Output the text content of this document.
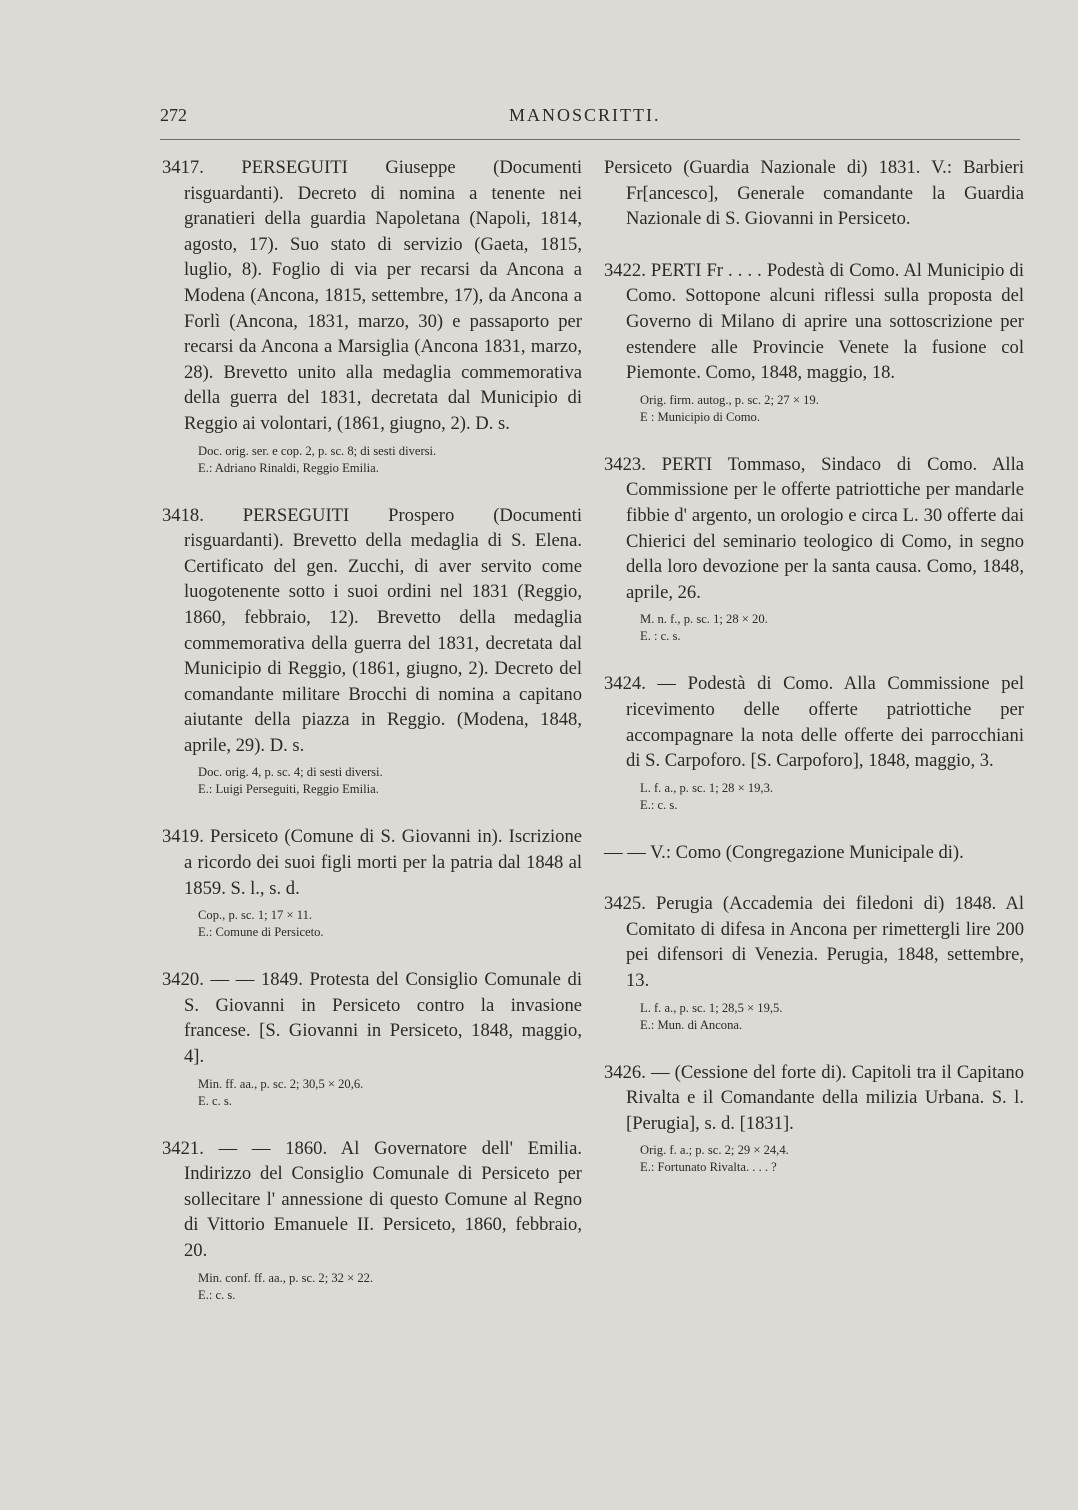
272	MANOSCRITTI.
3417. PERSEGUITI Giuseppe (Documenti risguardanti). Decreto di nomina a tenente nei granatieri della guardia Napoletana (Napoli, 1814, agosto, 17). Suo stato di servizio (Gaeta, 1815, luglio, 8). Foglio di via per recarsi da Ancona a Modena (Ancona, 1815, settembre, 17), da Ancona a Forlì (Ancona, 1831, marzo, 30) e passaporto per recarsi da Ancona a Marsiglia (Ancona 1831, marzo, 28). Brevetto unito alla medaglia commemorativa della guerra del 1831, decretata dal Municipio di Reggio ai volontari, (1861, giugno, 2). D. s.
Doc. orig. ser. e cop. 2, p. sc. 8; di sesti diversi.
E.: Adriano Rinaldi, Reggio Emilia.
3418. PERSEGUITI Prospero (Documenti risguardanti). Brevetto della medaglia di S. Elena. Certificato del gen. Zucchi, di aver servito come luogotenente sotto i suoi ordini nel 1831 (Reggio, 1860, febbraio, 12). Brevetto della medaglia commemorativa della guerra del 1831, decretata dal Municipio di Reggio, (1861, giugno, 2). Decreto del comandante militare Brocchi di nomina a capitano aiutante della piazza in Reggio. (Modena, 1848, aprile, 29). D. s.
Doc. orig. 4, p. sc. 4; di sesti diversi.
E.: Luigi Perseguiti, Reggio Emilia.
3419. Persiceto (Comune di S. Giovanni in). Iscrizione a ricordo dei suoi figli morti per la patria dal 1848 al 1859. S. l., s. d.
Cop., p. sc. 1; 17 × 11.
E.: Comune di Persiceto.
3420. — — 1849. Protesta del Consiglio Comunale di S. Giovanni in Persiceto contro la invasione francese. [S. Giovanni in Persiceto, 1848, maggio, 4].
Min. ff. aa., p. sc. 2; 30,5 × 20,6.
E. c. s.
3421. — — 1860. Al Governatore dell' Emilia. Indirizzo del Consiglio Comunale di Persiceto per sollecitare l' annessione di questo Comune al Regno di Vittorio Emanuele II. Persiceto, 1860, febbraio, 20.
Min. conf. ff. aa., p. sc. 2; 32 × 22.
E.: c. s.
Persiceto (Guardia Nazionale di) 1831. V.: Barbieri Fr[ancesco], Generale comandante la Guardia Nazionale di S. Giovanni in Persiceto.
3422. PERTI Fr . . . . Podestà di Como. Al Municipio di Como. Sottopone alcuni riflessi sulla proposta del Governo di Milano di aprire una sottoscrizione per estendere alle Provincie Venete la fusione col Piemonte. Como, 1848, maggio, 18.
Orig. firm. autog., p. sc. 2; 27 × 19.
E : Municipio di Como.
3423. PERTI Tommaso, Sindaco di Como. Alla Commissione per le offerte patriottiche per mandarle fibbie d' argento, un orologio e circa L. 30 offerte dai Chierici del seminario teologico di Como, in segno della loro devozione per la santa causa. Como, 1848, aprile, 26.
M. n. f., p. sc. 1; 28 × 20.
E. : c. s.
3424. — Podestà di Como. Alla Commissione pel ricevimento delle offerte patriottiche per accompagnare la nota delle offerte dei parrocchiani di S. Carpoforo. [S. Carpoforo], 1848, maggio, 3.
L. f. a., p. sc. 1; 28 × 19,3.
E.: c. s.
— — V.: Como (Congregazione Municipale di).
3425. Perugia (Accademia dei filedoni di) 1848. Al Comitato di difesa in Ancona per rimettergli lire 200 pei difensori di Venezia. Perugia, 1848, settembre, 13.
L. f. a., p. sc. 1; 28,5 × 19,5.
E.: Mun. di Ancona.
3426. — (Cessione del forte di). Capitoli tra il Capitano Rivalta e il Comandante della milizia Urbana. S. l. [Perugia], s. d. [1831].
Orig. f. a.; p. sc. 2; 29 × 24,4.
E.: Fortunato Rivalta. . . . ?
